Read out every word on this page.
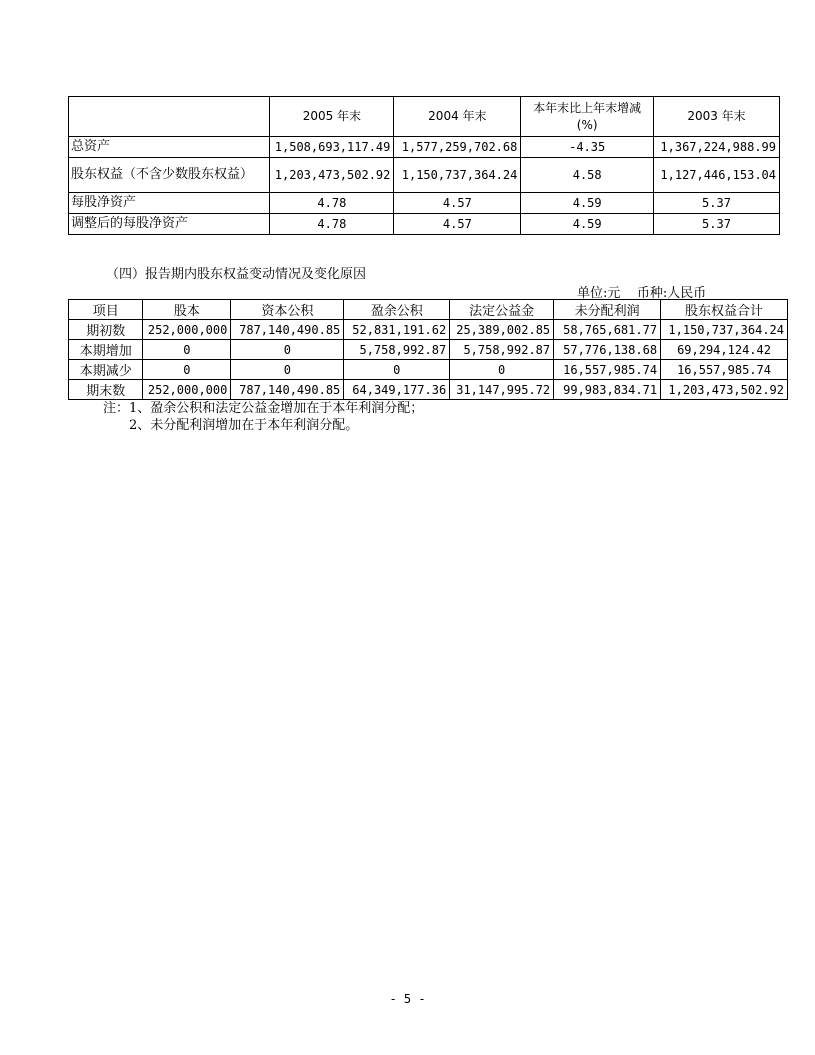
	2005 年末	2004 年末	本年末比上年末增减 (%)	2003 年末
总资产	1,508,693,117.49	1,577,259,702.68	-4.35	1,367,224,988.99
股东权益（不含少数股东权益）	1,203,473,502.92	1,150,737,364.24	4.58	1,127,446,153.04
每股净资产	4.78	4.57	4.59	5.37
调整后的每股净资产	4.78	4.57	4.59	5.37
（四）报告期内股东权益变动情况及变化原因
单位:元 币种:人民币
项目	股本	资本公积	盈余公积	法定公益金	未分配利润	股东权益合计
期初数	252,000,000	787,140,490.85	52,831,191.62	25,389,002.85	58,765,681.77	1,150,737,364.24
本期增加	0	0	5,758,992.87	5,758,992.87	57,776,138.68	69,294,124.42
本期减少	0	0	0	0	16,557,985.74	16,557,985.74
期末数	252,000,000	787,140,490.85	64,349,177.36	31,147,995.72	99,983,834.71	1,203,473,502.92
注：1、盈余公积和法定公益金增加在于本年利润分配；
2、未分配利润增加在于本年利润分配。
- 5 -
